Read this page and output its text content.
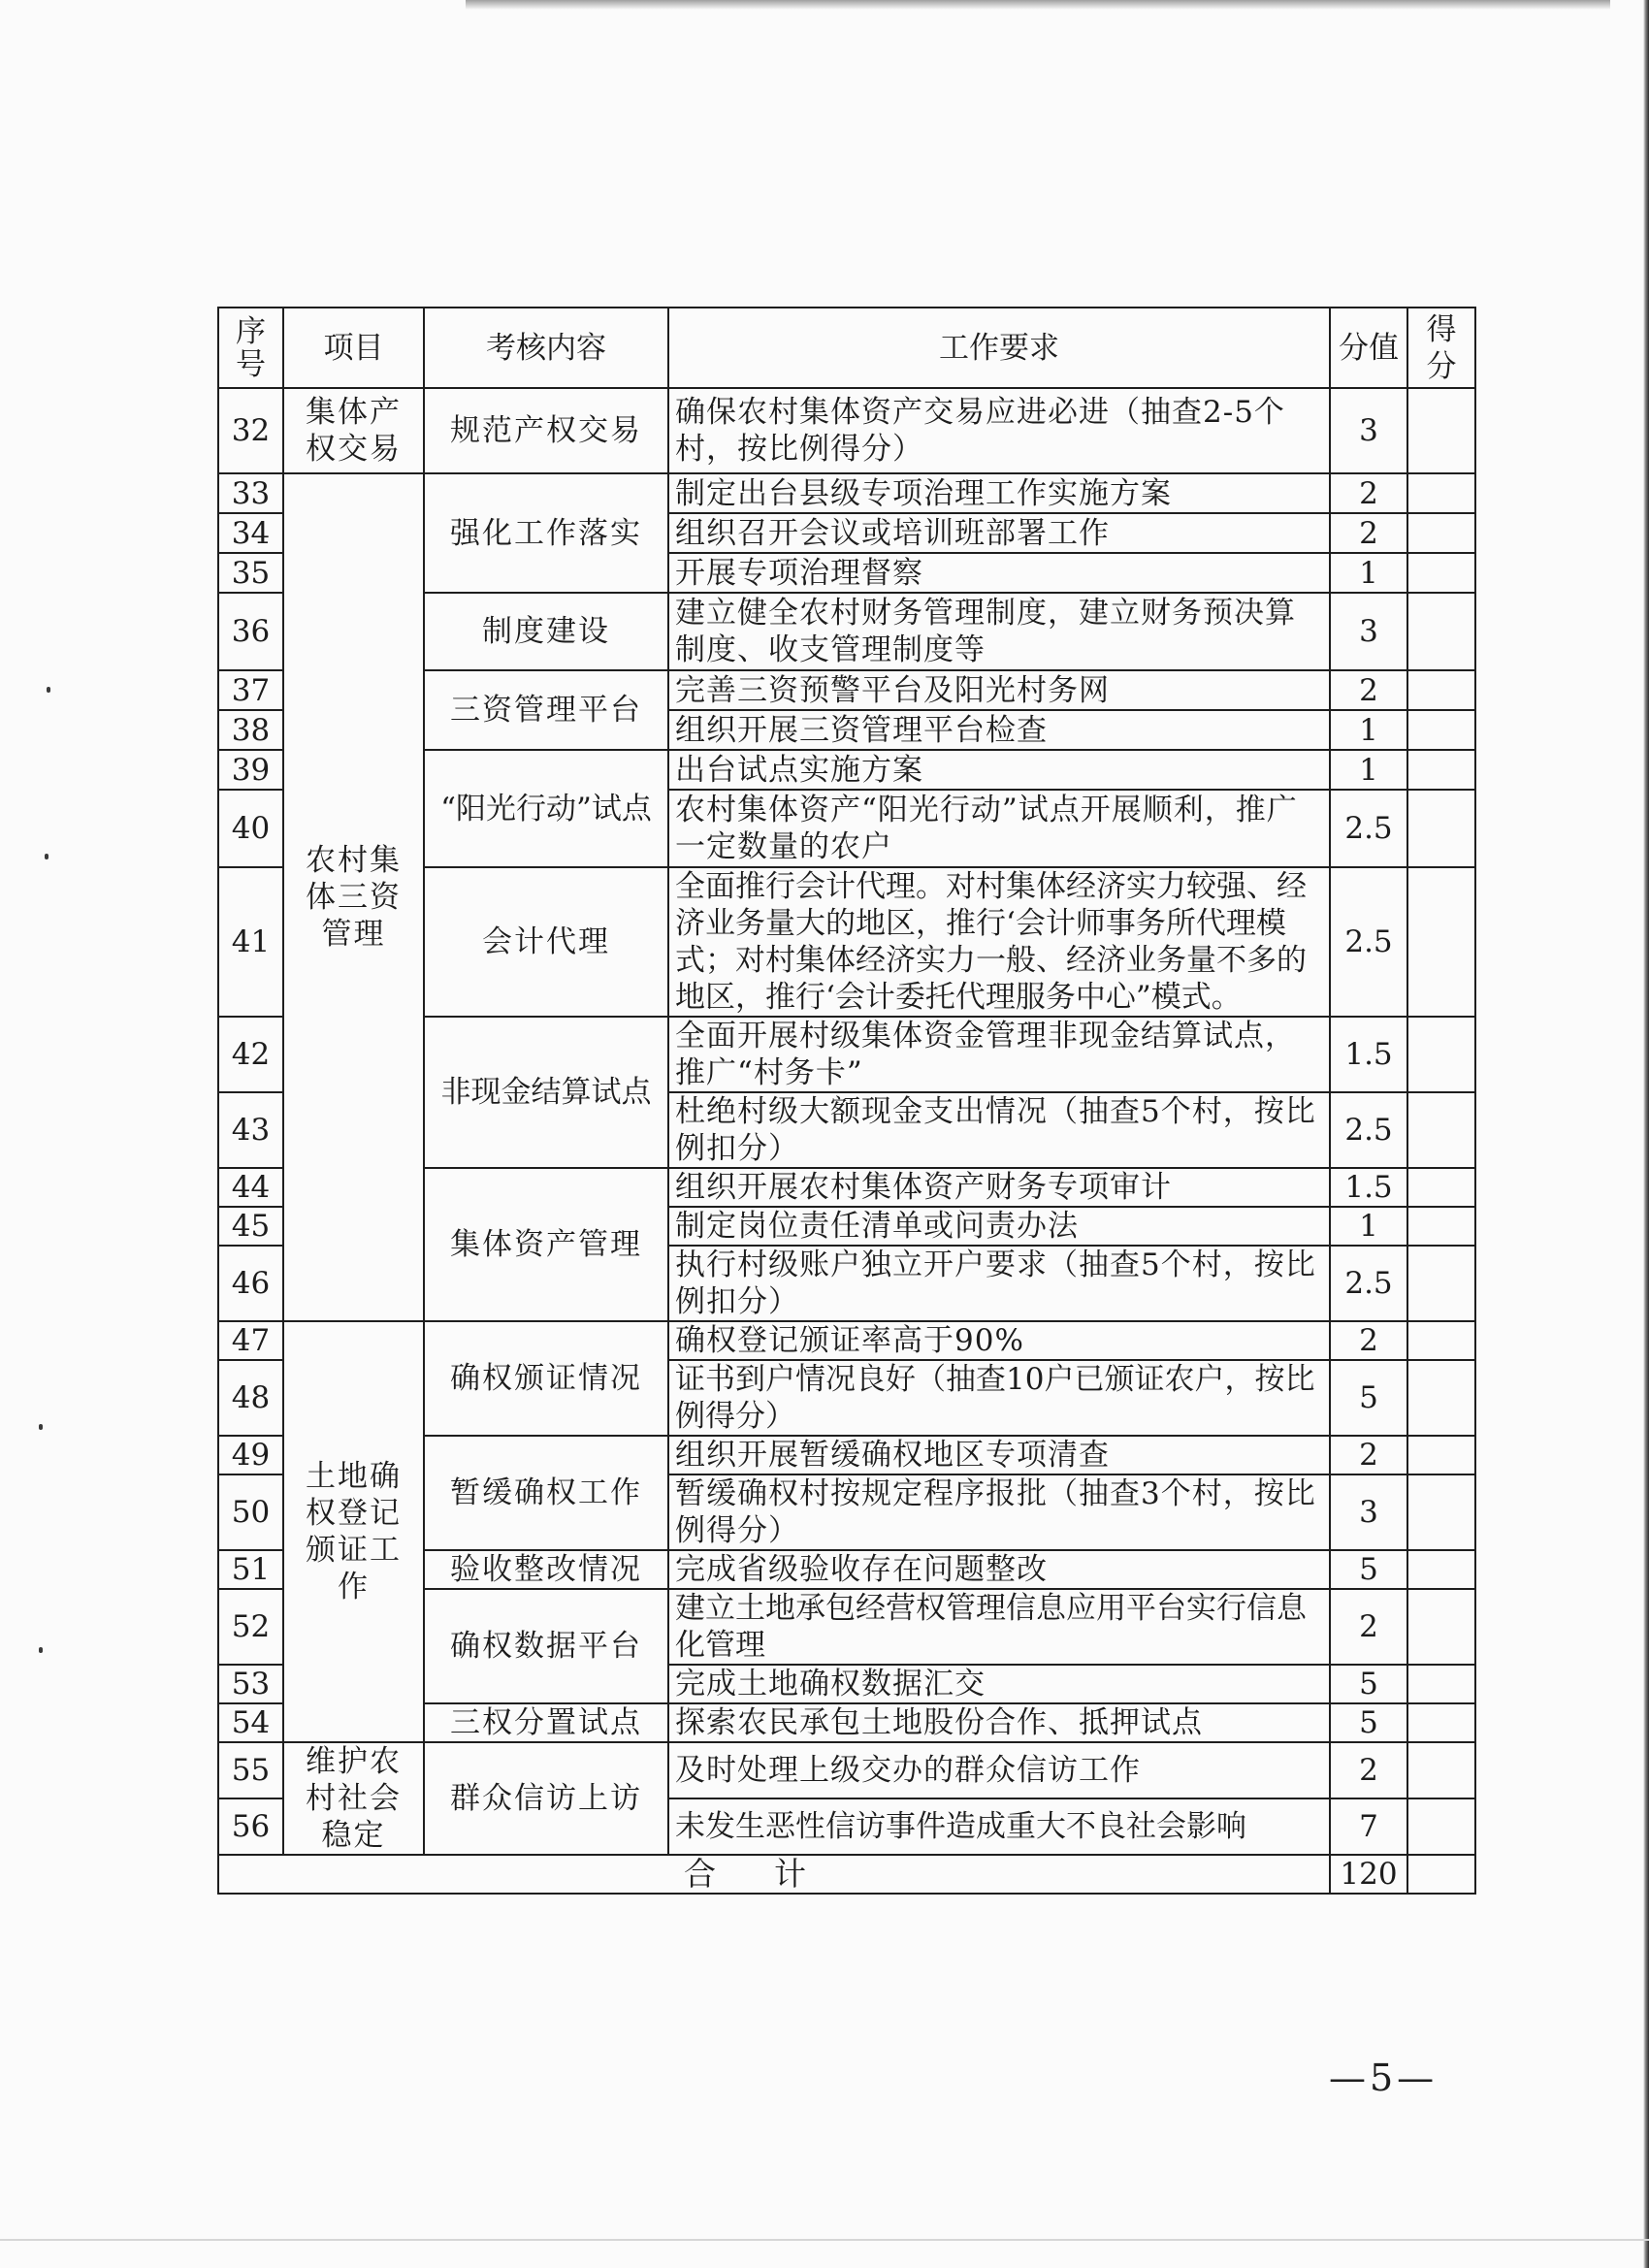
序号	项目	考核内容	工作要求	分值	得分
32	集体产权交易	规范产权交易	确保农村集体资产交易应进必进（抽查2-5个村，按比例得分）	3	
33	农村集体三资管理	强化工作落实	制定出台县级专项治理工作实施方案	2	
34			组织召开会议或培训班部署工作	2	
35			开展专项治理督察	1	
36		制度建设	建立健全农村财务管理制度，建立财务预决算制度、收支管理制度等	3	
37		三资管理平台	完善三资预警平台及阳光村务网	2	
38			组织开展三资管理平台检查	1	
39		“阳光行动”试点	出台试点实施方案	1	
40			农村集体资产“阳光行动”试点开展顺利，推广一定数量的农户	2.5	
41		会计代理	全面推行会计代理。对村集体经济实力较强、经济业务量大的地区，推行‘会计师事务所代理模式；对村集体经济实力一般、经济业务量不多的地区，推行‘会计委托代理服务中心”模式。	2.5	
42		非现金结算试点	全面开展村级集体资金管理非现金结算试点，推广“村务卡”	1.5	
43			杜绝村级大额现金支出情况（抽查5个村，按比例扣分）	2.5	
44		集体资产管理	组织开展农村集体资产财务专项审计	1.5	
45			制定岗位责任清单或问责办法	1	
46			执行村级账户独立开户要求（抽查5个村，按比例扣分）	2.5	
47	土地确权登记颁证工作	确权颁证情况	确权登记颁证率高于90%	2	
48			证书到户情况良好（抽查10户已颁证农户，按比例得分）	5	
49		暂缓确权工作	组织开展暂缓确权地区专项清查	2	
50			暂缓确权村按规定程序报批（抽查3个村，按比例得分）	3	
51		验收整改情况	完成省级验收存在问题整改	5	
52		确权数据平台	建立土地承包经营权管理信息应用平台实行信息化管理	2	
53			完成土地确权数据汇交	5	
54		三权分置试点	探索农民承包土地股份合作、抵押试点	5	
55	维护农村社会稳定	群众信访上访	及时处理上级交办的群众信访工作	2	
56			未发生恶性信访事件造成重大不良社会影响	7	
合计				120	
—5—
